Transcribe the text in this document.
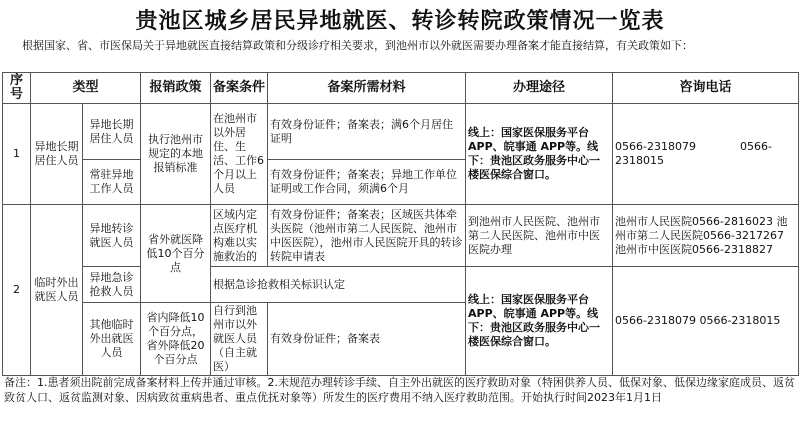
贵池区城乡居民异地就医、转诊转院政策情况一览表
根据国家、省、市医保局关于异地就医直接结算政策和分级诊疗相关要求，到池州市以外就医需要办理备案才能直接结算，有关政策如下：
序号	类型		报销政策	备案条件	备案所需材料	办理途径	咨询电话
1	异地长期居住人员	异地长期居住人员	执行池州市规定的本地报销标准	在池州市以外居住、生活、工作6个月以上人员	有效身份证件；备案表；满6个月居住证明	线上：国家医保服务平台APP、皖事通 APP等。线下：贵池区政务服务中心一楼医保综合窗口。	0566-2318079　　　　0566-2318015
		常驻异地工作人员			有效身份证件；备案表；异地工作单位证明或工作合同，须满6个月		
2	临时外出就医人员	异地转诊就医人员	省外就医降低10个百分点	区域内定点医疗机构难以实施救治的	有效身份证件；备案表；区域医共体牵头医院（池州市第二人民医院、池州市中医医院），池州市人民医院开具的转诊转院申请表	到池州市人民医院、池州市第二人民医院、池州市中医医院办理	池州市人民医院0566-2816023 池州市第二人民医院0566-3217267 池州市中医医院0566-2318827
		异地急诊抢救人员		根据急诊抢救相关标识认定		线上：国家医保服务平台APP、皖事通 APP等。线下：贵池区政务服务中心一楼医保综合窗口。	0566-2318079 0566-2318015
		其他临时外出就医人员	省内降低10个百分点，省外降低20个百分点	自行到池州市以外就医人员（自主就医）	有效身份证件；备案表		
备注：1.患者须出院前完成备案材料上传并通过审核。2.未规范办理转诊手续、自主外出就医的医疗救助对象（特困供养人员、低保对象、低保边缘家庭成员、返贫致贫人口、返贫监测对象、因病致贫重病患者、重点优抚对象等）所发生的医疗费用不纳入医疗救助范围。开始执行时间2023年1月1日
